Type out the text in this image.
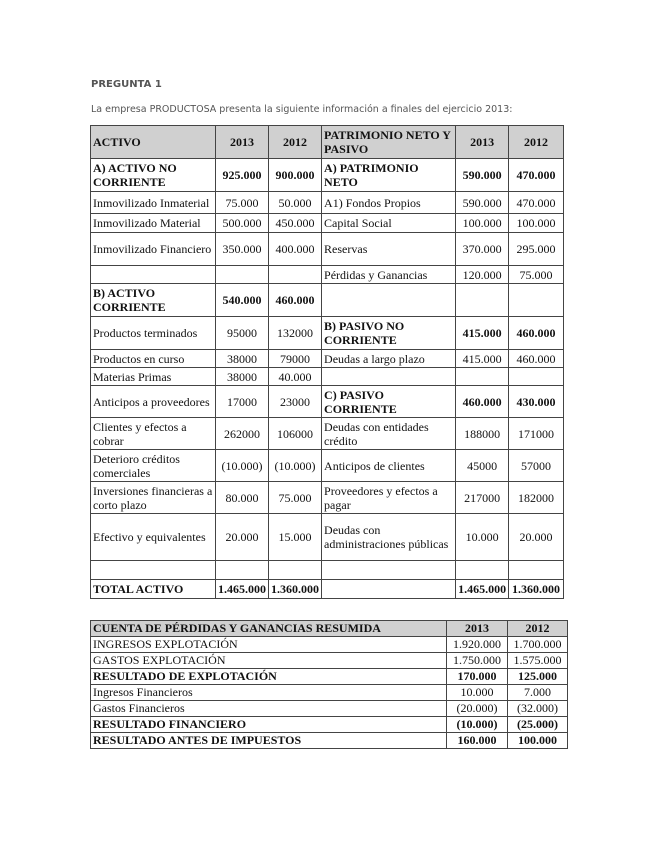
PREGUNTA 1
La empresa PRODUCTOSA presenta la siguiente información a finales del ejercicio 2013:
ACTIVO	2013	2012	PATRIMONIO NETO Y PASIVO	2013	2012
A) ACTIVO NO CORRIENTE	925.000	900.000	A) PATRIMONIO NETO	590.000	470.000
Inmovilizado Inmaterial	75.000	50.000	A1) Fondos Propios	590.000	470.000
Inmovilizado Material	500.000	450.000	Capital Social	100.000	100.000
Inmovilizado Financiero	350.000	400.000	Reservas	370.000	295.000
			Pérdidas y Ganancias	120.000	75.000
B) ACTIVO CORRIENTE	540.000	460.000			
Productos terminados	95000	132000	B) PASIVO NO CORRIENTE	415.000	460.000
Productos en curso	38000	79000	Deudas a largo plazo	415.000	460.000
Materias Primas	38000	40.000			
Anticipos a proveedores	17000	23000	C) PASIVO CORRIENTE	460.000	430.000
Clientes y efectos a cobrar	262000	106000	Deudas con entidades crédito	188000	171000
Deterioro créditos comerciales	(10.000)	(10.000)	Anticipos de clientes	45000	57000
Inversiones financieras a corto plazo	80.000	75.000	Proveedores y efectos a pagar	217000	182000
Efectivo y equivalentes	20.000	15.000	Deudas con administraciones públicas	10.000	20.000

TOTAL ACTIVO	1.465.000	1.360.000		1.465.000	1.360.000
CUENTA DE PÉRDIDAS Y GANANCIAS RESUMIDA	2013	2012
INGRESOS EXPLOTACIÓN	1.920.000	1.700.000
GASTOS EXPLOTACIÓN	1.750.000	1.575.000
RESULTADO DE EXPLOTACIÓN	170.000	125.000
Ingresos Financieros	10.000	7.000
Gastos Financieros	(20.000)	(32.000)
RESULTADO FINANCIERO	(10.000)	(25.000)
RESULTADO ANTES DE IMPUESTOS	160.000	100.000
